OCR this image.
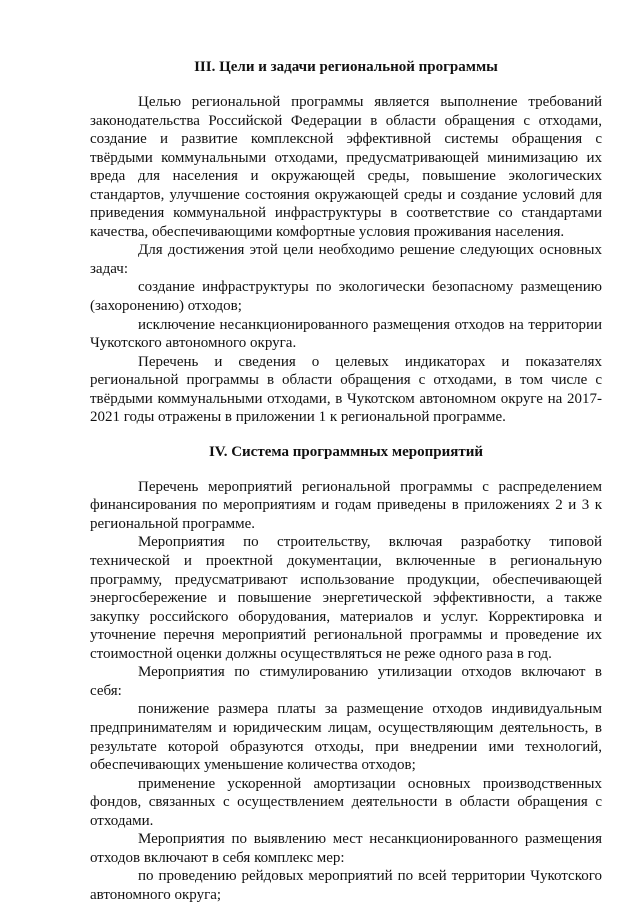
III. Цели и задачи региональной программы

Целью региональной программы является выполнение требований законодательства Российской Федерации в области обращения с отходами, создание и развитие комплексной эффективной системы обращения с твёрдыми коммунальными отходами, предусматривающей минимизацию их вреда для населения и окружающей среды, повышение экологических стандартов, улучшение состояния окружающей среды и создание условий для приведения коммунальной инфраструктуры в соответствие со стандартами качества, обеспечивающими комфортные условия проживания населения.

Для достижения этой цели необходимо решение следующих основных задач:

создание инфраструктуры по экологически безопасному размещению (захоронению) отходов;

исключение несанкционированного размещения отходов на территории Чукотского автономного округа.

Перечень и сведения о целевых индикаторах и показателях региональной программы в области обращения с отходами, в том числе с твёрдыми коммунальными отходами, в Чукотском автономном округе на 2017-2021 годы отражены в приложении 1 к региональной программе.

IV. Система программных мероприятий

Перечень мероприятий региональной программы с распределением финансирования по мероприятиям и годам приведены в приложениях 2 и 3 к региональной программе.

Мероприятия по строительству, включая разработку типовой технической и проектной документации, включенные в региональную программу, предусматривают использование продукции, обеспечивающей энергосбережение и повышение энергетической эффективности, а также закупку российского оборудования, материалов и услуг. Корректировка и уточнение перечня мероприятий региональной программы и проведение их стоимостной оценки должны осуществляться не реже одного раза в год.

Мероприятия по стимулированию утилизации отходов включают в себя:

понижение размера платы за размещение отходов индивидуальным предпринимателям и юридическим лицам, осуществляющим деятельность, в результате которой образуются отходы, при внедрении ими технологий, обеспечивающих уменьшение количества отходов;

применение ускоренной амортизации основных производственных фондов, связанных с осуществлением деятельности в области обращения с отходами.

Мероприятия по выявлению мест несанкционированного размещения отходов включают в себя комплекс мер:

по проведению рейдовых мероприятий по всей территории Чукотского автономного округа;
